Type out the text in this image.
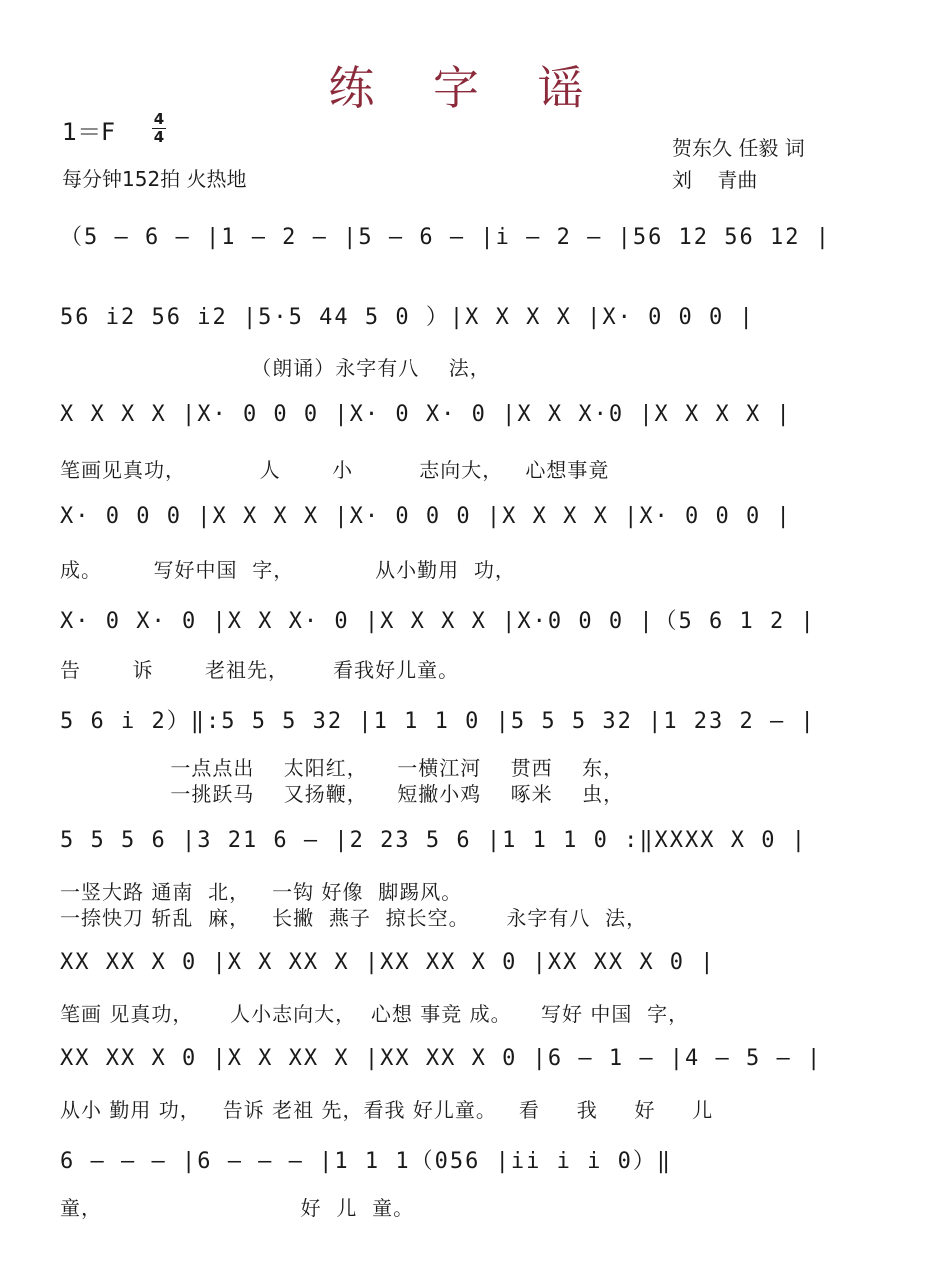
练 字 谣
1＝F	4
4
每分钟152拍 火热地
贺东久 任毅 词
刘    青曲
（5 – 6 – |1 – 2 – |5 – 6 – |i – 2 – |56 12 56 12 |
56 i2 56 i2 |5·5 44 5 0 ）|X X X X |X· 0 0 0 |
（朗诵）永字有八    法，
X X X X |X· 0 0 0 |X· 0 X· 0 |X X X·0 |X X X X |
笔画见真功，          人       小         志向大，   心想事竟
X· 0 0 0 |X X X X |X· 0 0 0 |X X X X |X· 0 0 0 |
成。       写好中国  字，           从小勤用  功，
X· 0 X· 0 |X X X· 0 |X X X X |X·0 0 0 |（5 6 1 2 |
告       诉       老祖先，      看我好儿童。
5 6 i 2）‖:5 5 5 32 |1 1 1 0 |5 5 5 32 |1 23 2 – |
一点点出    太阳红，    一横江河    贯西    东，
一挑跃马    又扬鞭，    短撇小鸡    啄米    虫，
5 5 5 6 |3 21 6 – |2 23 5 6 |1 1 1 0 :‖XXXX X 0 |
一竖大路 通南  北，   一钩 好像  脚踢风。
一捺快刀 斩乱  麻，   长撇  燕子  掠长空。     永字有八  法，
XX XX X 0 |X X XX X |XX XX X 0 |XX XX X 0 |
笔画 见真功，     人小志向大，  心想 事竞 成。    写好 中国  字，
XX XX X 0 |X X XX X |XX XX X 0 |6 – 1 – |4 – 5 – |
从小 勤用 功，   告诉 老祖 先，看我 好儿童。   看     我     好     儿
6 – – – |6 – – – |1 1 1（056 |ii i i 0）‖
童，                           好  儿  童。
